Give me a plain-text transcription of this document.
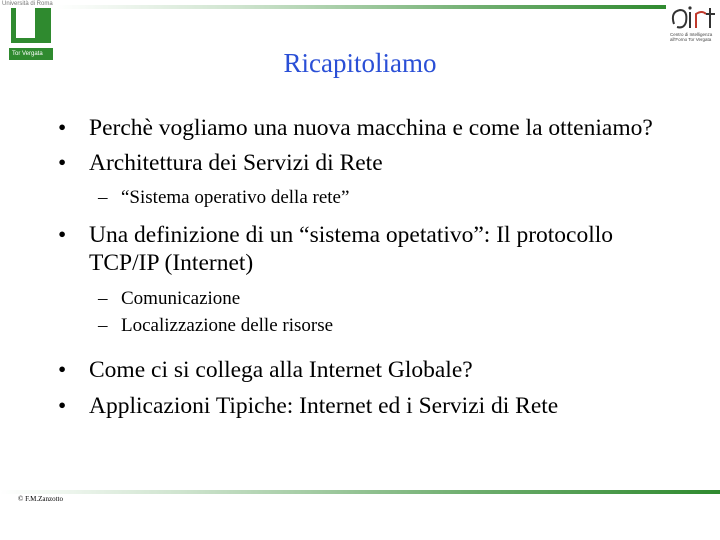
Università di Roma
Tor Vergata
Centro di Intelligenza all'Forno Tor Vergata
Ricapitoliamo
• Perchè vogliamo una nuova macchina e come la otteniamo?
• Architettura dei Servizi di Rete
– “Sistema operativo della rete”
• Una definizione di un “sistema opetativo”: Il protocollo TCP/IP (Internet)
– Comunicazione
– Localizzazione delle risorse
• Come ci si collega alla Internet Globale?
• Applicazioni Tipiche: Internet ed i Servizi di Rete
© F.M.Zanzotto
